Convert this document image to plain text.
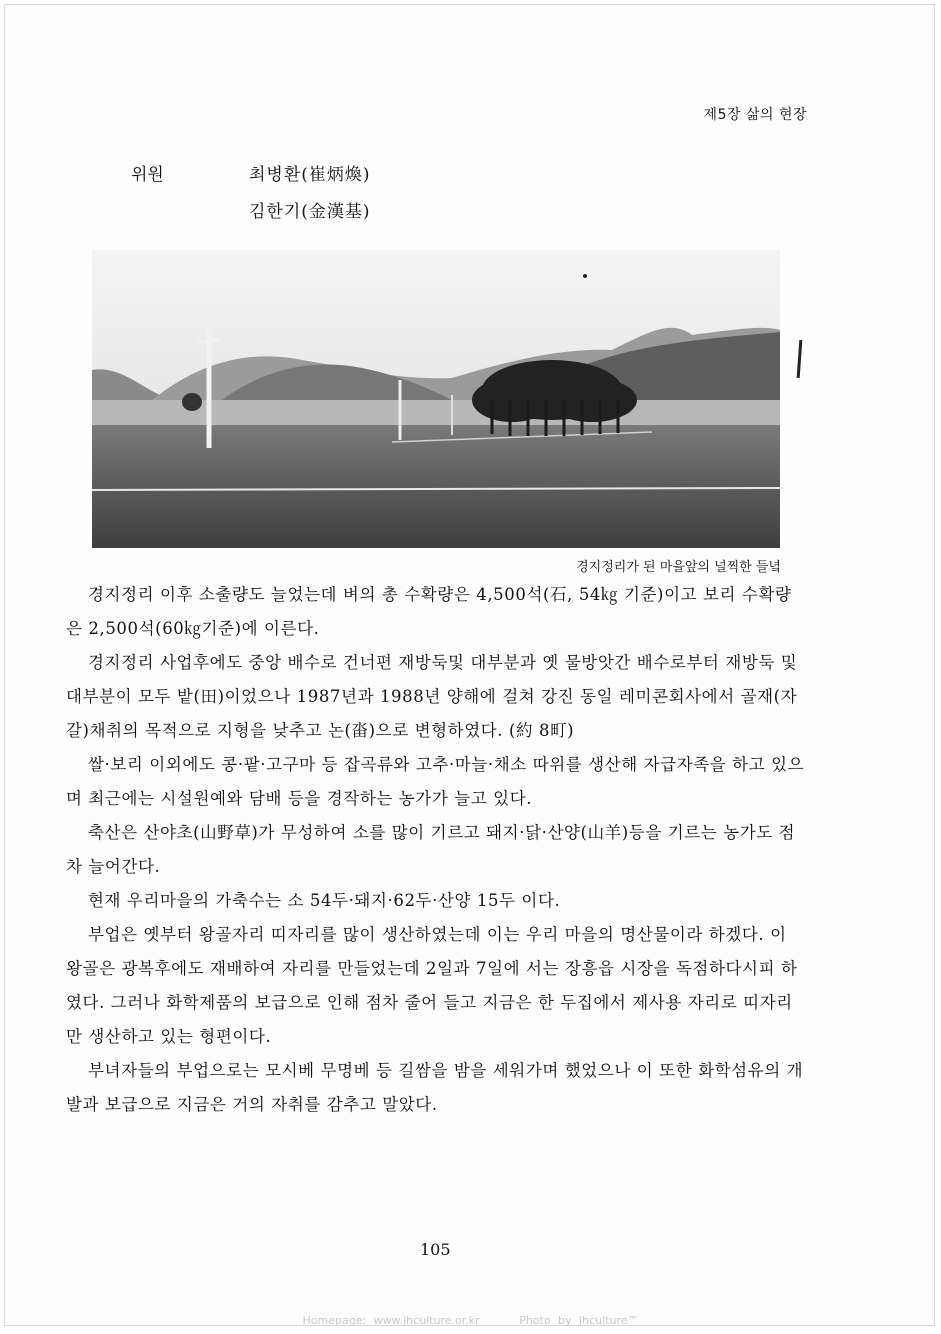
제5장 삶의 현장
위원	최병환(崔炳煥)
김한기(金漢基)
경지정리가 된 마을앞의 널찍한 들녘

경지정리 이후 소출량도 늘었는데 벼의 총 수확량은 4,500석(石, 54㎏ 기준)이고 보리 수확량은 2,500석(60㎏기준)에 이른다.

경지정리 사업후에도 중앙 배수로 건너편 재방둑및 대부분과 옛 물방앗간 배수로부터 재방둑 및 대부분이 모두 밭(田)이었으나 1987년과 1988년 양해에 걸쳐 강진 동일 레미콘회사에서 골재(자갈)채취의 목적으로 지형을 낮추고 논(畓)으로 변형하였다. (約 8町)

쌀·보리 이외에도 콩·팥·고구마 등 잡곡류와 고추·마늘·채소 따위를 생산해 자급자족을 하고 있으며 최근에는 시설원예와 담배 등을 경작하는 농가가 늘고 있다.

축산은 산야초(山野草)가 무성하여 소를 많이 기르고 돼지·닭·산양(山羊)등을 기르는 농가도 점차 늘어간다.

현재 우리마을의 가축수는 소 54두·돼지·62두·산양 15두 이다.

부업은 옛부터 왕골자리 띠자리를 많이 생산하였는데 이는 우리 마을의 명산물이라 하겠다. 이 왕골은 광복후에도 재배하여 자리를 만들었는데 2일과 7일에 서는 장흥읍 시장을 독점하다시피 하였다. 그러나 화학제품의 보급으로 인해 점차 줄어 들고 지금은 한 두집에서 제사용 자리로 띠자리만 생산하고 있는 형편이다.

부녀자들의 부업으로는 모시베 무명베 등 길쌈을 밤을 세워가며 했었으나 이 또한 화학섬유의 개발과 보급으로 지금은 거의 자취를 감추고 말았다.

105
Homepage: www.jhculture.or.kr	Photo by jhculture™
